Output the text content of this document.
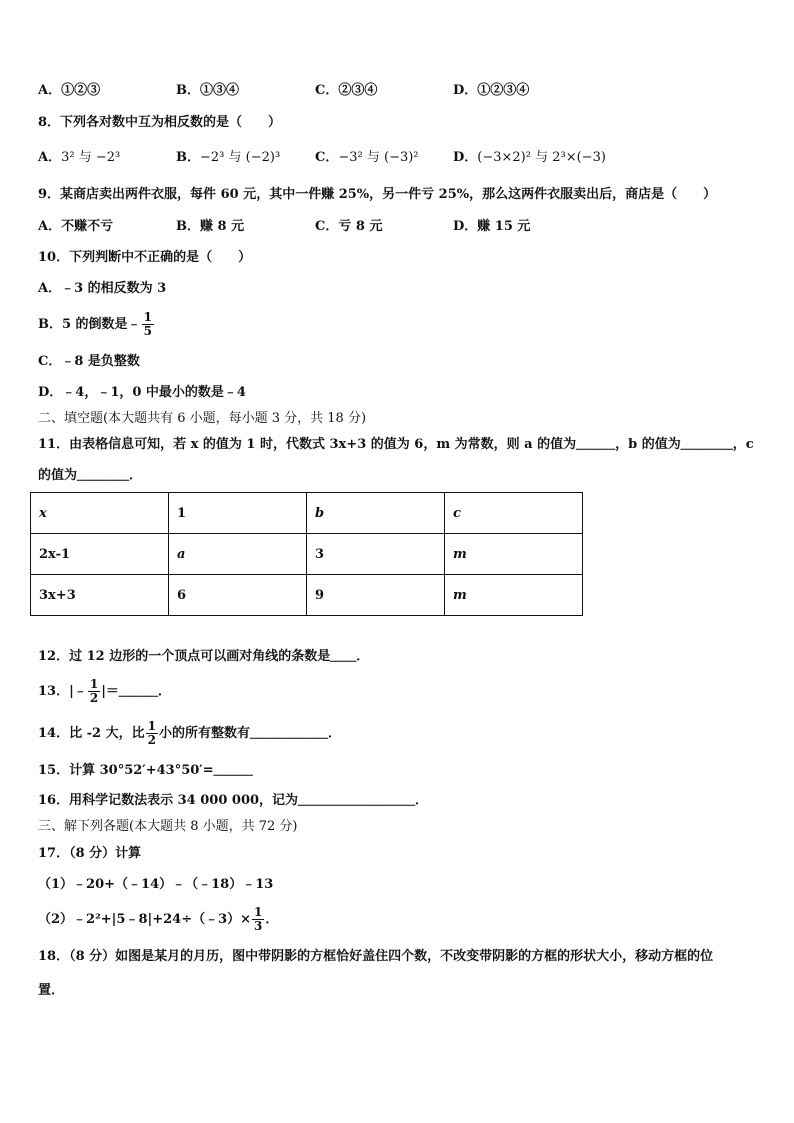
A．①②③	B．①③④	C．②③④	D．①②③④
8．下列各对数中互为相反数的是（　　）
A．3² 与 −2³	B．−2³ 与 (−2)³	C．−3² 与 (−3)²	D．(−3×2)² 与 2³×(−3)
9．某商店卖出两件衣服，每件 60 元，其中一件赚 25%，另一件亏 25%，那么这两件衣服卖出后，商店是（　　）
A．不赚不亏	B．赚 8 元	C．亏 8 元	D．赚 15 元
10．下列判断中不正确的是（　　）
A．﹣3 的相反数为 3
B．5 的倒数是﹣ $\frac{1}{5}$
C．﹣8 是负整数
D．﹣4，﹣1，0 中最小的数是﹣4
二、填空题(本大题共有 6 小题，每小题 3 分，共 18 分)
11．由表格信息可知，若 x 的值为 1 时，代数式 3x+3 的值为 6，m 为常数，则 a 的值为＿＿＿，b 的值为＿＿＿＿，c
的值为＿＿＿＿．
x	1	b	c
2x-1	a	3	m
3x+3	6	9	m
12．过 12 边形的一个顶点可以画对角线的条数是＿＿．
13．|﹣ $\frac{1}{2}$ |＝＿＿＿．
14．比 -2 大，比 $\frac{1}{2}$ 小的所有整数有＿＿＿＿＿＿．
15．计算 30°52′+43°50′=＿＿＿
16．用科学记数法表示 34 000 000，记为＿＿＿＿＿＿＿＿＿．
三、解下列各题(本大题共 8 小题，共 72 分)
17．（8 分）计算
（1）﹣20+（﹣14）﹣（﹣18）﹣13
（2）﹣2²+|5﹣8|+24÷（﹣3）× $\frac{1}{3}$ ．
18．（8 分）如图是某月的月历，图中带阴影的方框恰好盖住四个数，不改变带阴影的方框的形状大小，移动方框的位
置．
